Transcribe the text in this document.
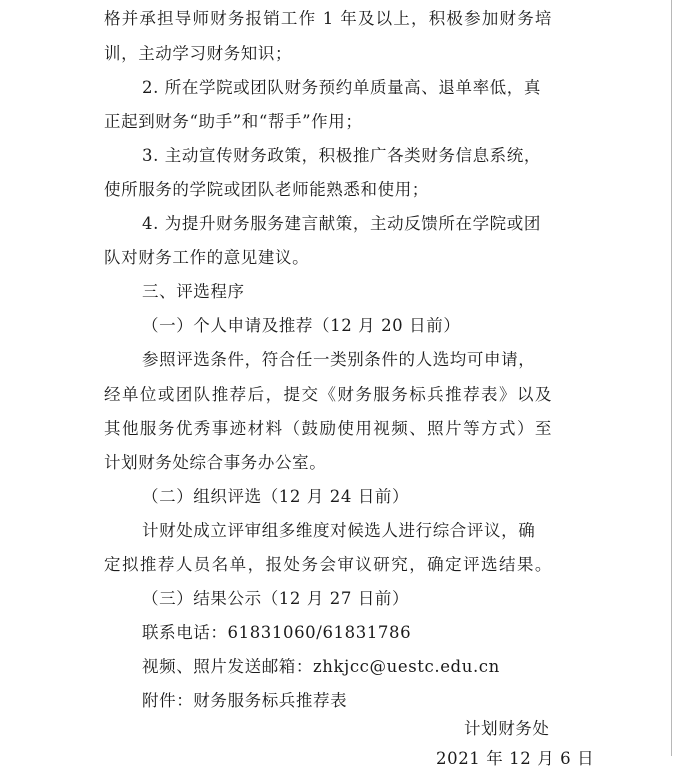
格并承担导师财务报销工作 1 年及以上，积极参加财务培
训，主动学习财务知识；
2. 所在学院或团队财务预约单质量高、退单率低，真
正起到财务“助手”和“帮手”作用；
3. 主动宣传财务政策，积极推广各类财务信息系统，
使所服务的学院或团队老师能熟悉和使用；
4. 为提升财务服务建言献策，主动反馈所在学院或团
队对财务工作的意见建议。
三、评选程序
（一）个人申请及推荐（12 月 20 日前）
参照评选条件，符合任一类别条件的人选均可申请，
经单位或团队推荐后，提交《财务服务标兵推荐表》以及
其他服务优秀事迹材料（鼓励使用视频、照片等方式）至
计划财务处综合事务办公室。
（二）组织评选（12 月 24 日前）
计财处成立评审组多维度对候选人进行综合评议，确
定拟推荐人员名单，报处务会审议研究，确定评选结果。
（三）结果公示（12 月 27 日前）
联系电话：61831060/61831786
视频、照片发送邮箱：zhkjcc@uestc.edu.cn
附件：财务服务标兵推荐表
计划财务处
2021 年 12 月 6 日
